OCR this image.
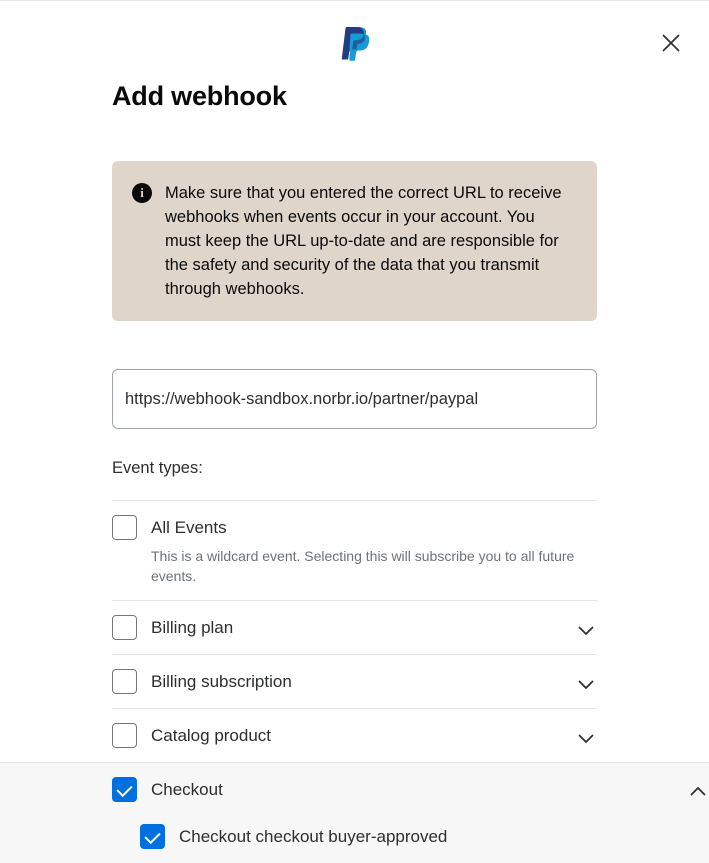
Add webhook
i	Make sure that you entered the correct URL to receive webhooks when events occur in your account. You must keep the URL up-to-date and are responsible for the safety and security of the data that you transmit through webhooks.
https://webhook-sandbox.norbr.io/partner/paypal
Event types:
All Events
This is a wildcard event. Selecting this will subscribe you to all future events.
Billing plan
Billing subscription
Catalog product
Checkout
Checkout checkout buyer-approved
